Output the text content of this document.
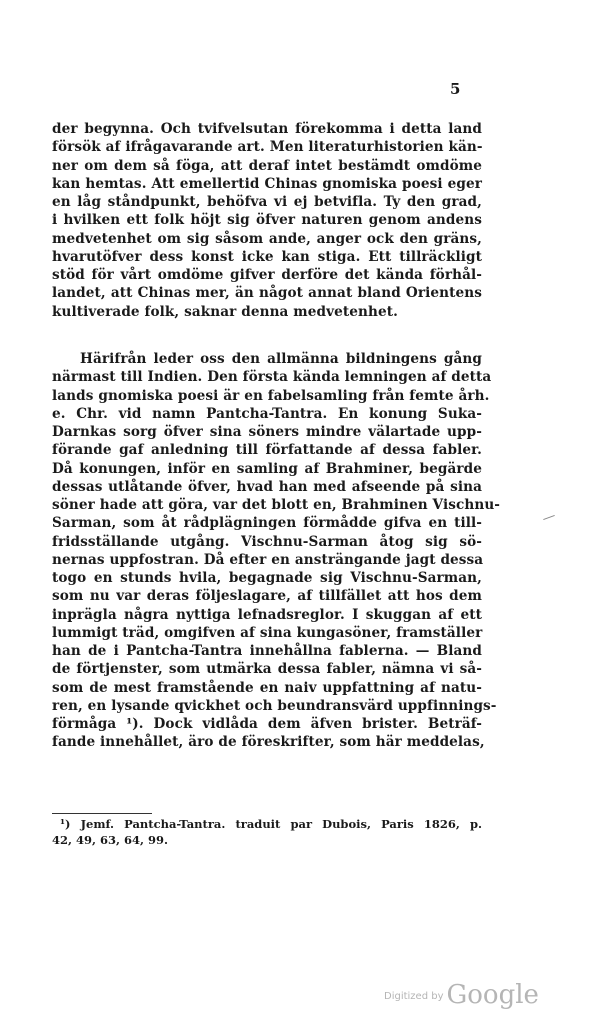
5
der begynna. Och tvifvelsutan förekomma i detta land
försök af ifrågavarande art. Men literaturhistorien kän-
ner om dem så föga, att deraf intet bestämdt omdöme
kan hemtas. Att emellertid Chinas gnomiska poesi eger
en låg ståndpunkt, behöfva vi ej betvifla. Ty den grad,
i hvilken ett folk höjt sig öfver naturen genom andens
medvetenhet om sig såsom ande, anger ock den gräns,
hvarutöfver dess konst icke kan stiga. Ett tillräckligt
stöd för vårt omdöme gifver derföre det kända förhål-
landet, att Chinas mer, än något annat bland Orientens
kultiverade folk, saknar denna medvetenhet.
Härifrån leder oss den allmänna bildningens gång
närmast till Indien. Den första kända lemningen af detta
lands gnomiska poesi är en fabelsamling från femte årh.
e. Chr. vid namn Pantcha-Tantra. En konung Suka-
Darnkas sorg öfver sina söners mindre välartade upp-
förande gaf anledning till författande af dessa fabler.
Då konungen, inför en samling af Brahminer, begärde
dessas utlåtande öfver, hvad han med afseende på sina
söner hade att göra, var det blott en, Brahminen Vischnu-
Sarman, som åt rådplägningen förmådde gifva en till-
fridsställande utgång. Vischnu-Sarman åtog sig sö-
nernas uppfostran. Då efter en ansträngande jagt dessa
togo en stunds hvila, begagnade sig Vischnu-Sarman,
som nu var deras följeslagare, af tillfället att hos dem
inprägla några nyttiga lefnadsreglor. I skuggan af ett
lummigt träd, omgifven af sina kungasöner, framställer
han de i Pantcha-Tantra innehållna fablerna. — Bland
de förtjenster, som utmärka dessa fabler, nämna vi så-
som de mest framstående en naiv uppfattning af natu-
ren, en lysande qvickhet och beundransvärd uppfinnings-
förmåga ¹). Dock vidlåda dem äfven brister. Beträf-
fande innehållet, äro de föreskrifter, som här meddelas,
¹) Jemf. Pantcha-Tantra. traduit par Dubois, Paris 1826, p.
42, 49, 63, 64, 99.
$^{Digitized by}$ Google
